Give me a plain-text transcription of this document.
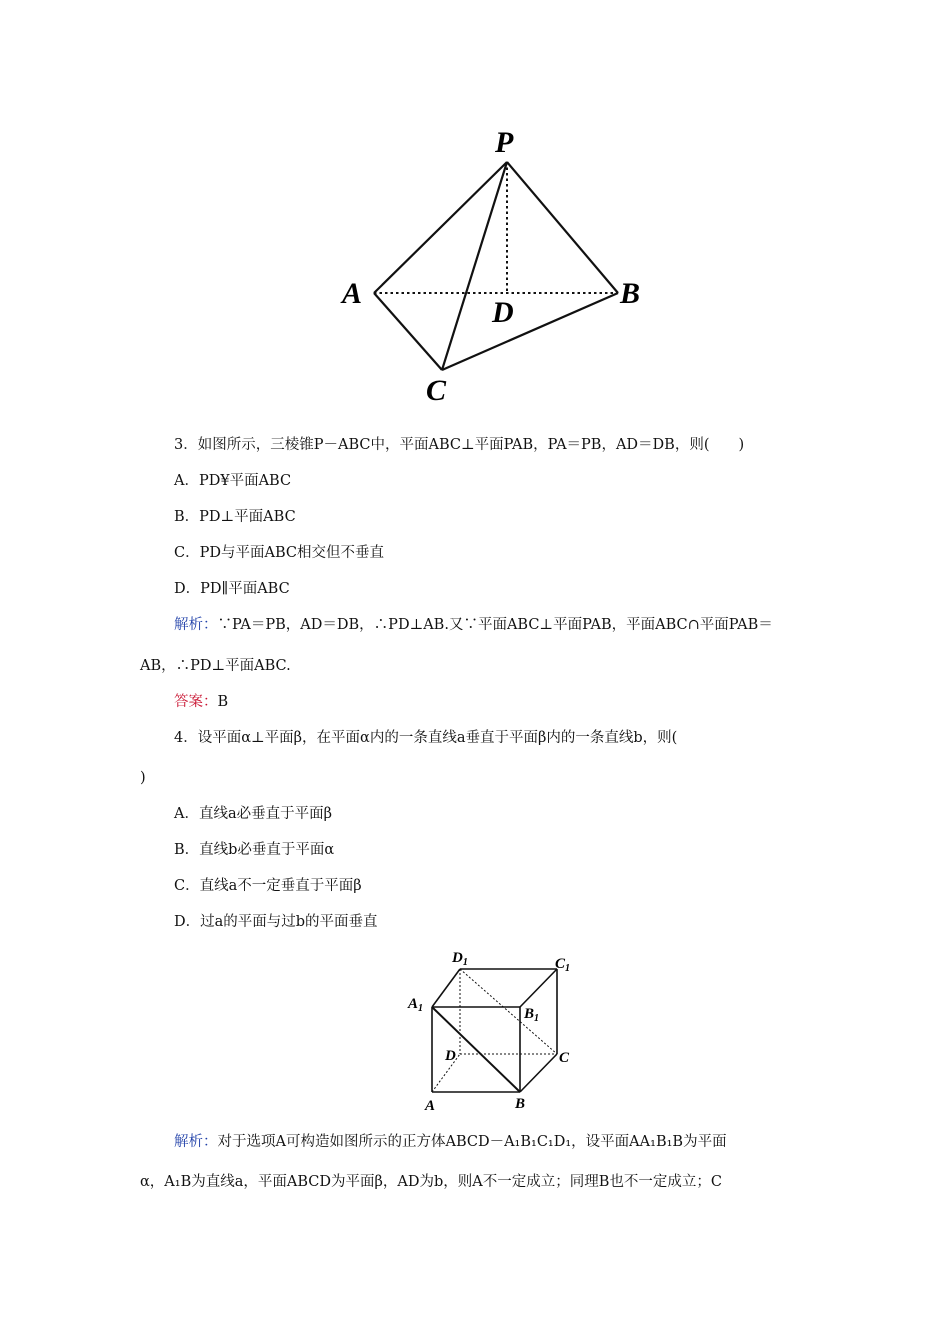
P
A	B
D
C
3．如图所示，三棱锥P－ABC中，平面ABC⊥平面PAB，PA＝PB，AD＝DB，则(　　)
A．PD¥平面ABC
B．PD⊥平面ABC
C．PD与平面ABC相交但不垂直
D．PD∥平面ABC
解析：∵PA＝PB，AD＝DB，∴PD⊥AB.又∵平面ABC⊥平面PAB，平面ABC∩平面PAB＝
AB，∴PD⊥平面ABC.
答案：B
4．设平面α⊥平面β，在平面α内的一条直线a垂直于平面β内的一条直线b，则(
)
A．直线a必垂直于平面β
B．直线b必垂直于平面α
C．直线a不一定垂直于平面β
D．过a的平面与过b的平面垂直
$D_1$	$C_1$
$A_1$	$B_1$
D	C
A	B
解析：对于选项A可构造如图所示的正方体ABCD－A₁B₁C₁D₁，设平面AA₁B₁B为平面
α，A₁B为直线a，平面ABCD为平面β，AD为b，则A不一定成立；同理B也不一定成立；C
